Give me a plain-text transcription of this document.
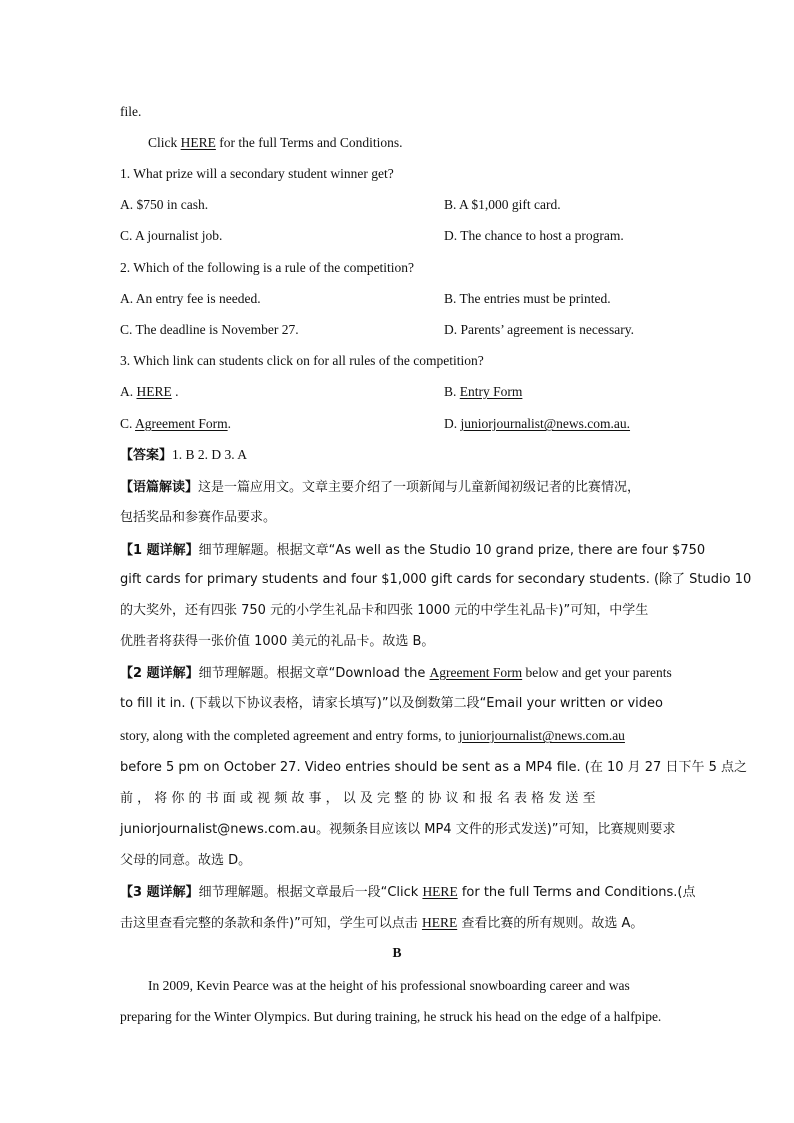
file.
Click HERE for the full Terms and Conditions.
1. What prize will a secondary student winner get?
A. $750 in cash.	B. A $1,000 gift card.
C. A journalist job.	D. The chance to host a program.
2. Which of the following is a rule of the competition?
A. An entry fee is needed.	B. The entries must be printed.
C. The deadline is November 27.	D. Parents’ agreement is necessary.
3. Which link can students click on for all rules of the competition?
A. HERE .	B. Entry Form
C. Agreement Form.	D. juniorjournalist@news.com.au.
【答案】1. B 2. D 3. A
【语篇解读】这是一篇应用文。文章主要介绍了一项新闻与儿童新闻初级记者的比赛情况，
包括奖品和参赛作品要求。
【1 题详解】细节理解题。根据文章“As well as the Studio 10 grand prize, there are four $750
gift cards for primary students and four $1,000 gift cards for secondary students. (除了 Studio 10
的大奖外，还有四张 750 元的小学生礼品卡和四张 1000 元的中学生礼品卡)”可知，中学生
优胜者将获得一张价值 1000 美元的礼品卡。故选 B。
【2 题详解】细节理解题。根据文章“Download the Agreement Form below and get your parents
to fill it in. (下载以下协议表格，请家长填写)”以及倒数第二段“Email your written or video
story, along with the completed agreement and entry forms, to juniorjournalist@news.com.au
before 5 pm on October 27. Video entries should be sent as a MP4 file. (在 10 月 27 日下午 5 点之
前 ， 将 你 的 书 面 或 视 频 故 事 ， 以 及 完 整 的 协 议 和 报 名 表 格 发 送 至
juniorjournalist@news.com.au。视频条目应该以 MP4 文件的形式发送)”可知，比赛规则要求
父母的同意。故选 D。
【3 题详解】细节理解题。根据文章最后一段“Click HERE for the full Terms and Conditions.(点
击这里查看完整的条款和条件)”可知，学生可以点击 HERE 查看比赛的所有规则。故选 A。
B
In 2009, Kevin Pearce was at the height of his professional snowboarding career and was
preparing for the Winter Olympics. But during training, he struck his head on the edge of a halfpipe.
